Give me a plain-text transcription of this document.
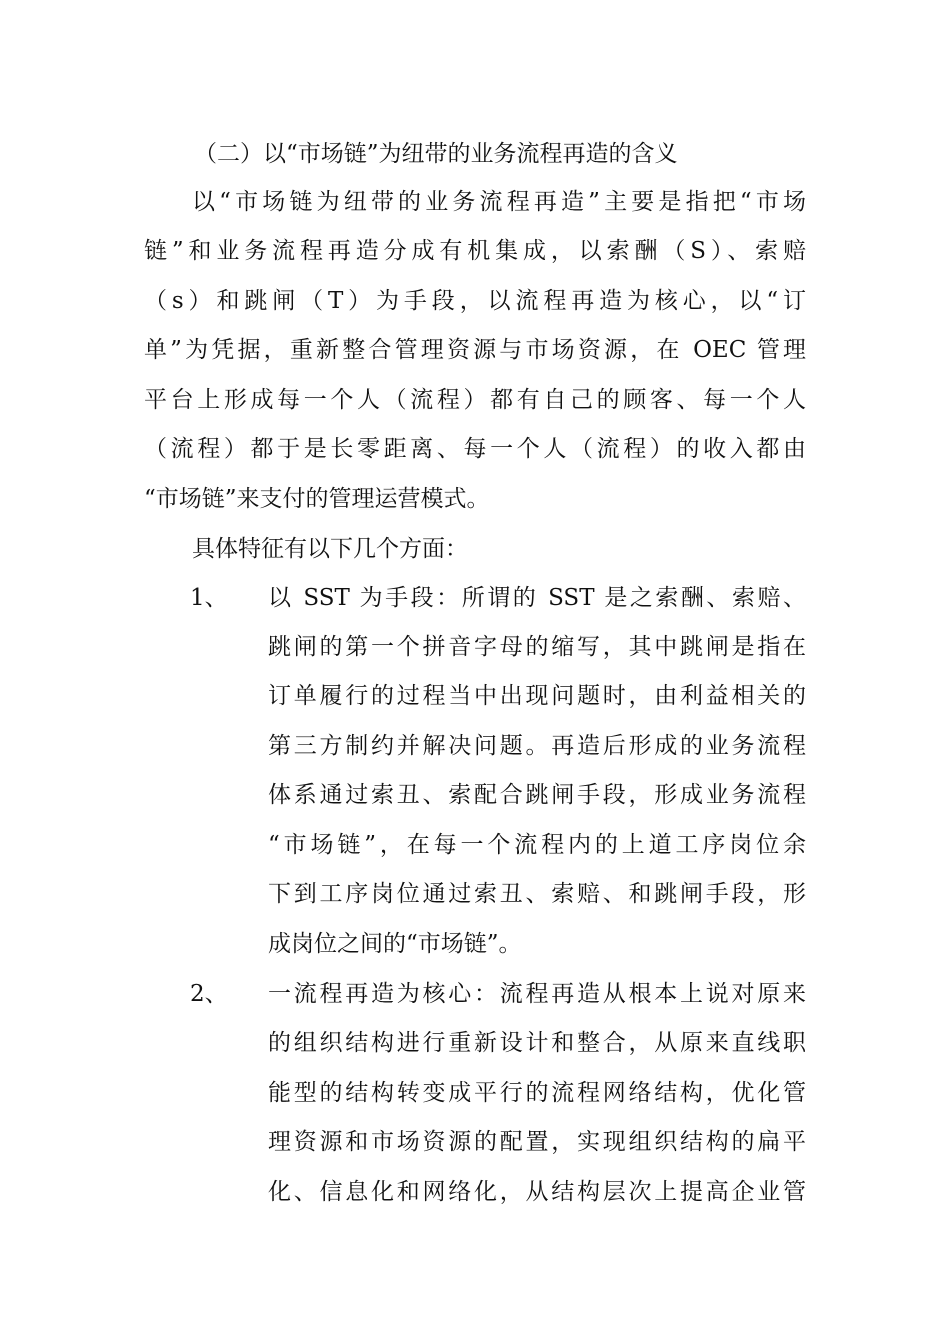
（二）以“市场链”为纽带的业务流程再造的含义
以“市场链为纽带的业务流程再造”主要是指把“市场
链”和业务流程再造分成有机集成，以索酬（S）、索赔
（s）和跳闸（T）为手段，以流程再造为核心，以“订
单”为凭据，重新整合管理资源与市场资源，在 OEC 管理
平台上形成每一个人（流程）都有自己的顾客、每一个人
（流程）都于是长零距离、每一个人（流程）的收入都由
“市场链”来支付的管理运营模式。
具体特征有以下几个方面：
1、 以 SST 为手段：所谓的 SST 是之索酬、索赔、
跳闸的第一个拼音字母的缩写，其中跳闸是指在
订单履行的过程当中出现问题时，由利益相关的
第三方制约并解决问题。再造后形成的业务流程
体系通过索丑、索配合跳闸手段，形成业务流程
“市场链”，在每一个流程内的上道工序岗位余
下到工序岗位通过索丑、索赔、和跳闸手段，形
成岗位之间的“市场链”。
2、 一流程再造为核心：流程再造从根本上说对原来
的组织结构进行重新设计和整合，从原来直线职
能型的结构转变成平行的流程网络结构，优化管
理资源和市场资源的配置，实现组织结构的扁平
化、信息化和网络化，从结构层次上提高企业管
